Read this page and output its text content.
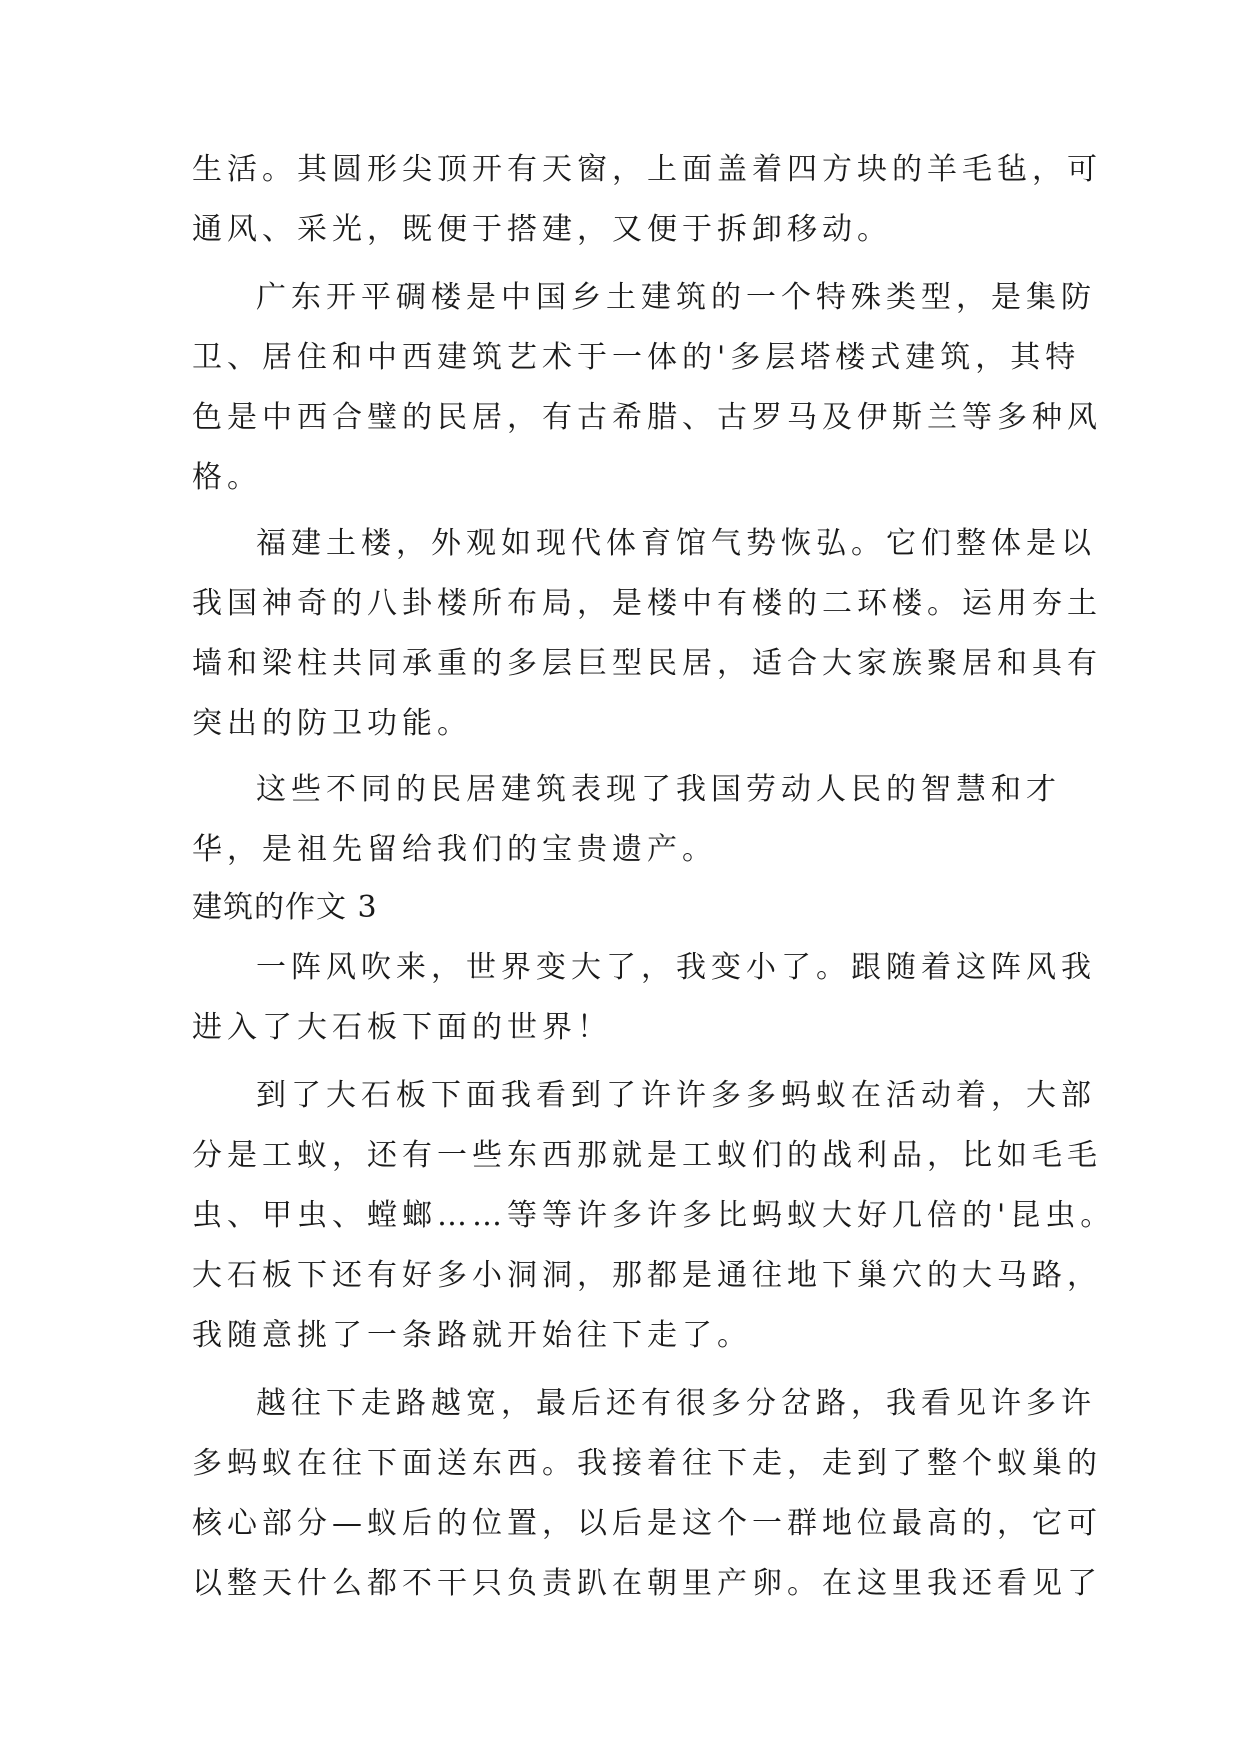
生活。其圆形尖顶开有天窗，上面盖着四方块的羊毛毡，可
通风、采光，既便于搭建，又便于拆卸移动。
广东开平碉楼是中国乡土建筑的一个特殊类型，是集防
卫、居住和中西建筑艺术于一体的'多层塔楼式建筑，其特
色是中西合璧的民居，有古希腊、古罗马及伊斯兰等多种风
格。
福建土楼，外观如现代体育馆气势恢弘。它们整体是以
我国神奇的八卦楼所布局，是楼中有楼的二环楼。运用夯土
墙和梁柱共同承重的多层巨型民居，适合大家族聚居和具有
突出的防卫功能。
这些不同的民居建筑表现了我国劳动人民的智慧和才
华，是祖先留给我们的宝贵遗产。
建筑的作文 3
一阵风吹来，世界变大了，我变小了。跟随着这阵风我
进入了大石板下面的世界！
到了大石板下面我看到了许许多多蚂蚁在活动着，大部
分是工蚁，还有一些东西那就是工蚁们的战利品，比如毛毛
虫、甲虫、螳螂……等等许多许多比蚂蚁大好几倍的'昆虫。
大石板下还有好多小洞洞，那都是通往地下巢穴的大马路，
我随意挑了一条路就开始往下走了。
越往下走路越宽，最后还有很多分岔路，我看见许多许
多蚂蚁在往下面送东西。我接着往下走，走到了整个蚁巢的
核心部分—蚁后的位置，以后是这个一群地位最高的，它可
以整天什么都不干只负责趴在朝里产卵。在这里我还看见了
